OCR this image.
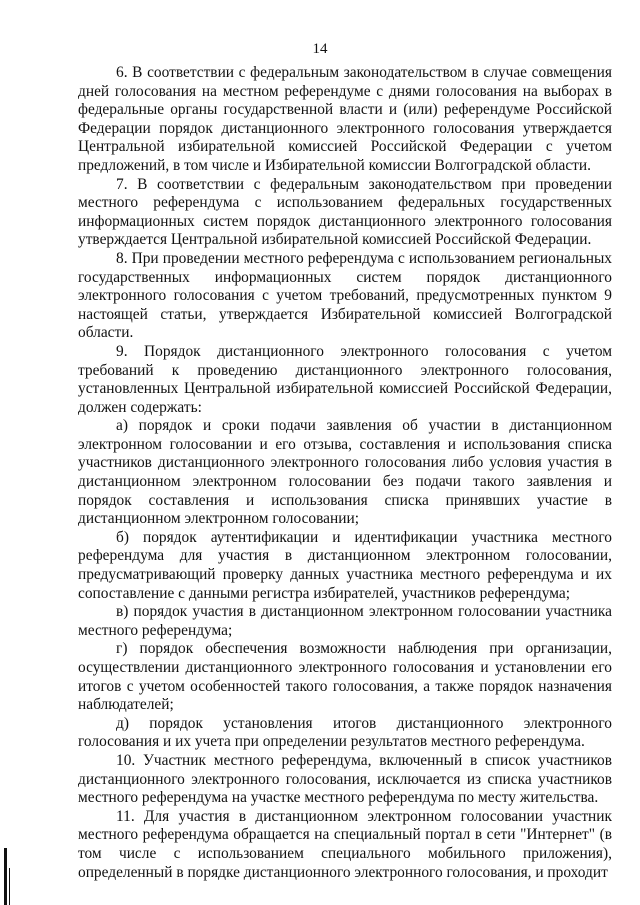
14

6. В соответствии с федеральным законодательством в случае совмещения дней голосования на местном референдуме с днями голосования на выборах в федеральные органы государственной власти и (или) референдуме Российской Федерации порядок дистанционного электронного голосования утверждается Центральной избирательной комиссией Российской Федерации с учетом предложений, в том числе и Избирательной комиссии Волгоградской области.

7. В соответствии с федеральным законодательством при проведении местного референдума с использованием федеральных государственных информационных систем порядок дистанционного электронного голосования утверждается Центральной избирательной комиссией Российской Федерации.

8. При проведении местного референдума с использованием региональных государственных информационных систем порядок дистанционного электронного голосования с учетом требований, предусмотренных пунктом 9 настоящей статьи, утверждается Избирательной комиссией Волгоградской области.

9. Порядок дистанционного электронного голосования с учетом требований к проведению дистанционного электронного голосования, установленных Центральной избирательной комиссией Российской Федерации, должен содержать:

а) порядок и сроки подачи заявления об участии в дистанционном электронном голосовании и его отзыва, составления и использования списка участников дистанционного электронного голосования либо условия участия в дистанционном электронном голосовании без подачи такого заявления и порядок составления и использования списка принявших участие в дистанционном электронном голосовании;

б) порядок аутентификации и идентификации участника местного референдума для участия в дистанционном электронном голосовании, предусматривающий проверку данных участника местного референдума и их сопоставление с данными регистра избирателей, участников референдума;

в) порядок участия в дистанционном электронном голосовании участника местного референдума;

г) порядок обеспечения возможности наблюдения при организации, осуществлении дистанционного электронного голосования и установлении его итогов с учетом особенностей такого голосования, а также порядок назначения наблюдателей;

д) порядок установления итогов дистанционного электронного голосования и их учета при определении результатов местного референдума.

10. Участник местного референдума, включенный в список участников дистанционного электронного голосования, исключается из списка участников местного референдума на участке местного референдума по месту жительства.

11. Для участия в дистанционном электронном голосовании участник местного референдума обращается на специальный портал в сети "Интернет" (в том числе с использованием специального мобильного приложения), определенный в порядке дистанционного электронного голосования, и проходит
